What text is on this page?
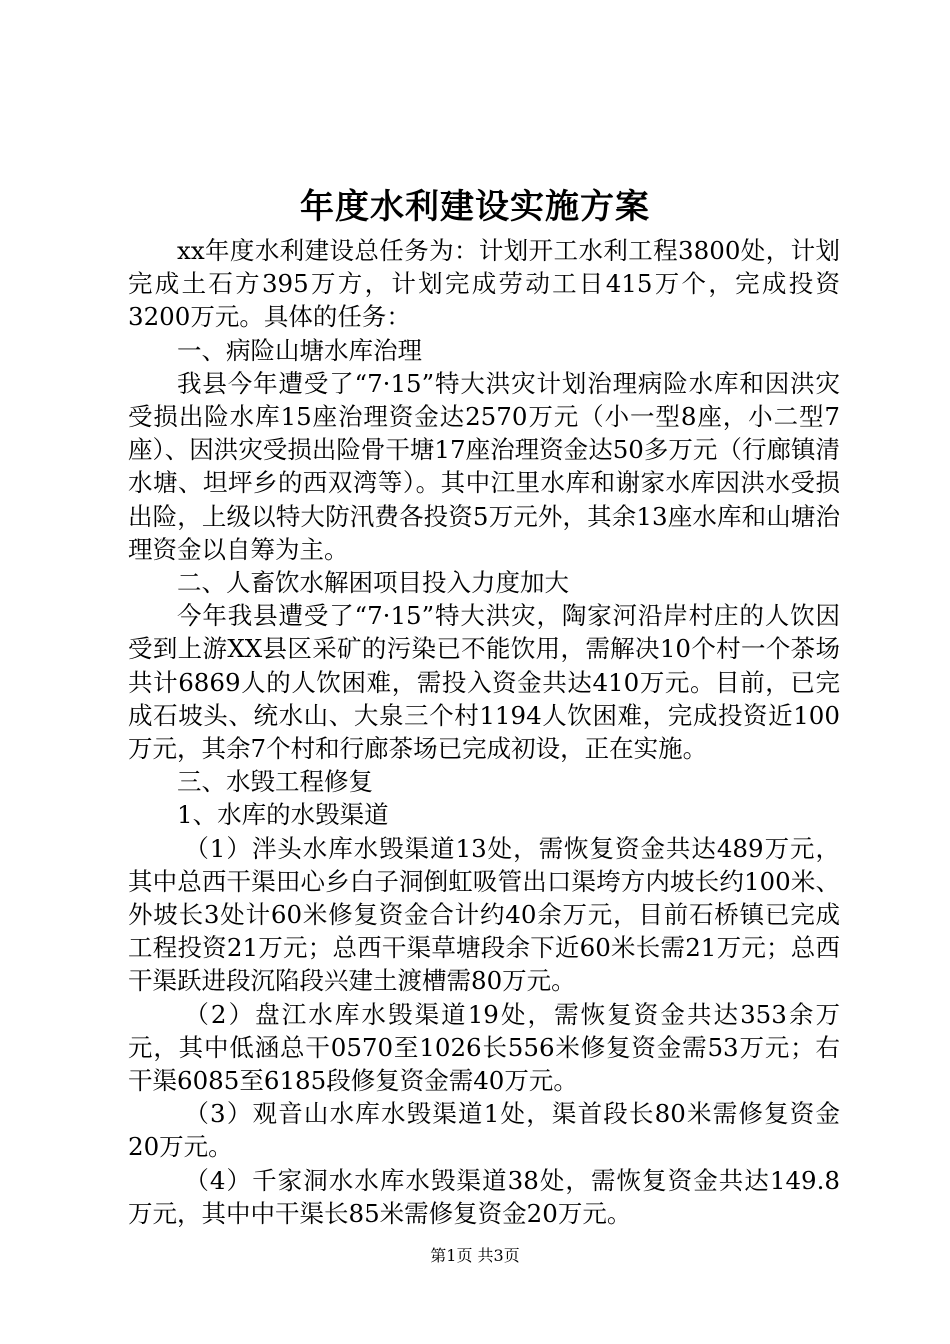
年度水利建设实施方案

xx年度水利建设总任务为：计划开工水利工程3800处，计划完成土石方395万方，计划完成劳动工日415万个，完成投资3200万元。具体的任务：

一、病险山塘水库治理

我县今年遭受了“7·15”特大洪灾计划治理病险水库和因洪灾受损出险水库15座治理资金达2570万元（小一型8座，小二型7座）、因洪灾受损出险骨干塘17座治理资金达50多万元（行廊镇清水塘、坦坪乡的西双湾等）。其中江里水库和谢家水库因洪水受损出险，上级以特大防汛费各投资5万元外，其余13座水库和山塘治理资金以自筹为主。

二、人畜饮水解困项目投入力度加大

今年我县遭受了“7·15”特大洪灾，陶家河沿岸村庄的人饮因受到上游XX县区采矿的污染已不能饮用，需解决10个村一个茶场共计6869人的人饮困难，需投入资金共达410万元。目前，已完成石坡头、统水山、大泉三个村1194人饮困难，完成投资近100万元，其余7个村和行廊茶场已完成初设，正在实施。

三、水毁工程修复

1、水库的水毁渠道

（1）泮头水库水毁渠道13处，需恢复资金共达489万元，其中总西干渠田心乡白子洞倒虹吸管出口渠垮方内坡长约100米、外坡长3处计60米修复资金合计约40余万元，目前石桥镇已完成工程投资21万元；总西干渠草塘段余下近60米长需21万元；总西干渠跃进段沉陷段兴建土渡槽需80万元。

（2）盘江水库水毁渠道19处，需恢复资金共达353余万元，其中低涵总干0570至1026长556米修复资金需53万元；右干渠6085至6185段修复资金需40万元。

（3）观音山水库水毁渠道1处，渠首段长80米需修复资金20万元。

（4）千家洞水水库水毁渠道38处，需恢复资金共达149.8万元，其中中干渠长85米需修复资金20万元。

第1页 共3页
